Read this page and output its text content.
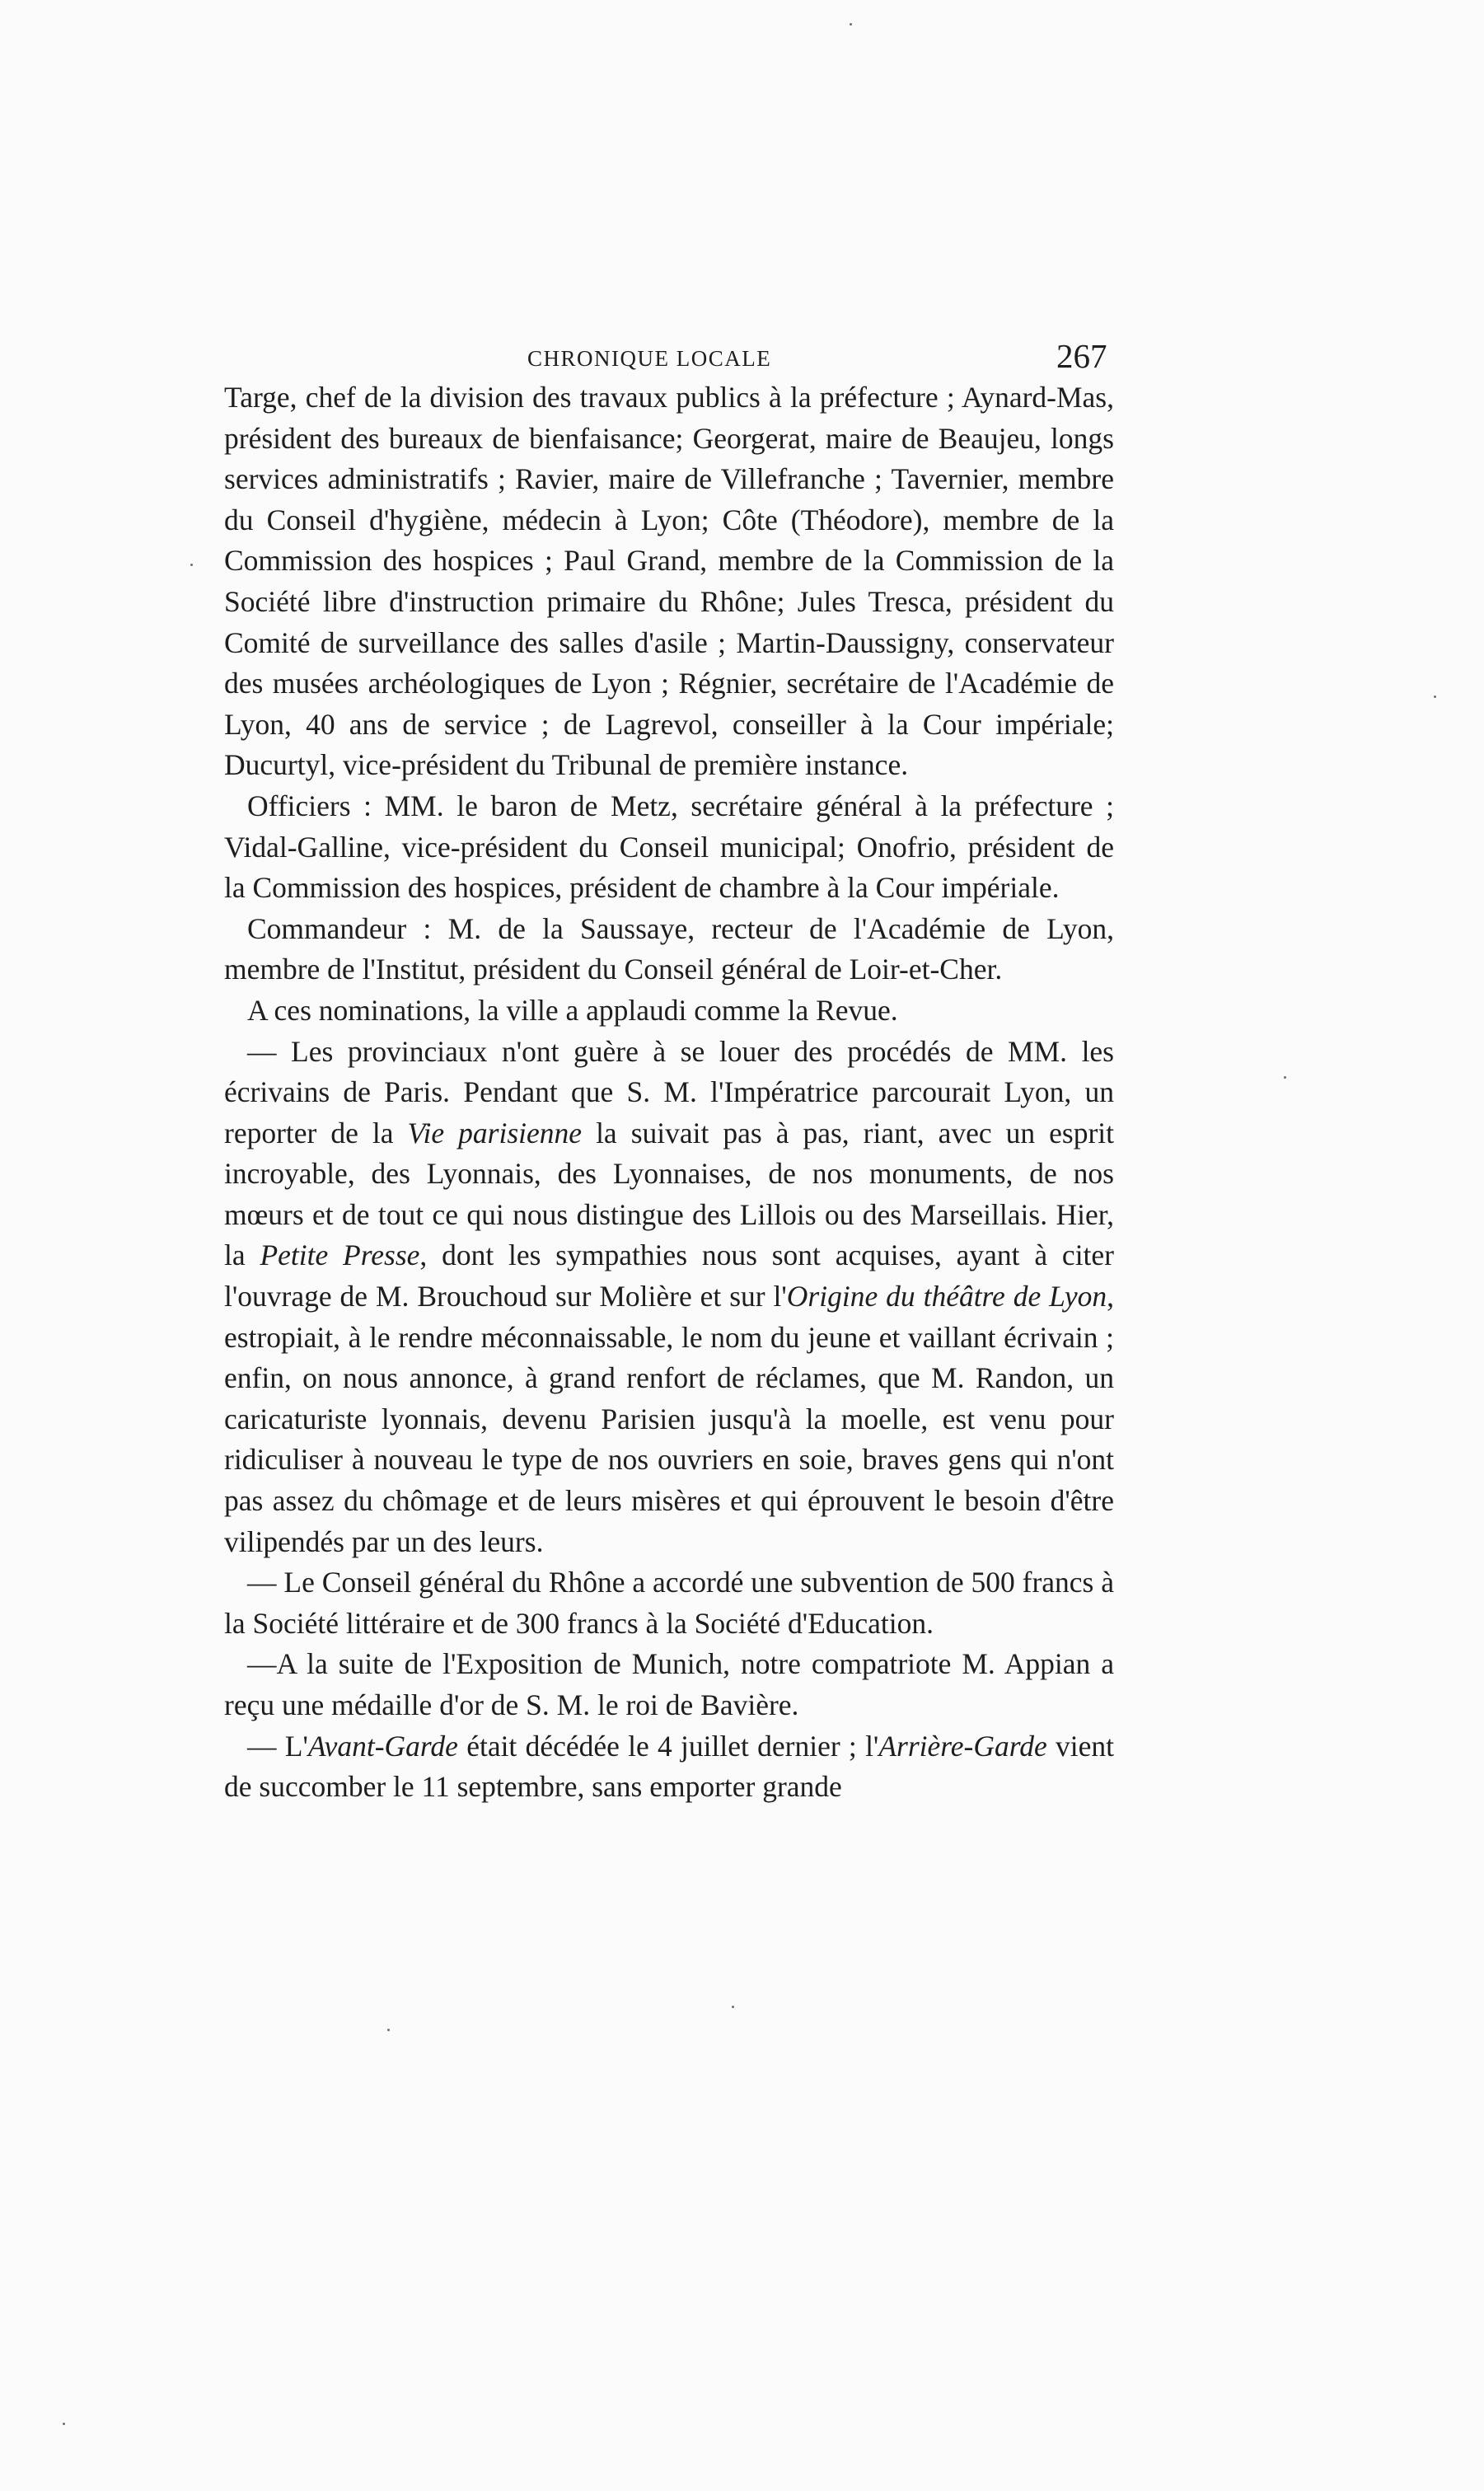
CHRONIQUE LOCALE	267

Targe, chef de la division des travaux publics à la préfecture ; Aynard-Mas, président des bureaux de bienfaisance; Georgerat, maire de Beaujeu, longs services administratifs ; Ravier, maire de Villefranche ; Tavernier, membre du Conseil d'hygiène, médecin à Lyon; Côte (Théodore), membre de la Commission des hospices ; Paul Grand, membre de la Commission de la Société libre d'instruction primaire du Rhône; Jules Tresca, président du Comité de surveillance des salles d'asile ; Martin-Daussigny, conservateur des musées archéologiques de Lyon ; Régnier, secrétaire de l'Académie de Lyon, 40 ans de service ; de Lagrevol, conseiller à la Cour impériale; Ducurtyl, vice-président du Tribunal de première instance.

Officiers : MM. le baron de Metz, secrétaire général à la préfecture ; Vidal-Galline, vice-président du Conseil municipal; Onofrio, président de la Commission des hospices, président de chambre à la Cour impériale.

Commandeur : M. de la Saussaye, recteur de l'Académie de Lyon, membre de l'Institut, président du Conseil général de Loir-et-Cher.

A ces nominations, la ville a applaudi comme la Revue.

— Les provinciaux n'ont guère à se louer des procédés de MM. les écrivains de Paris. Pendant que S. M. l'Impératrice parcourait Lyon, un reporter de la Vie parisienne la suivait pas à pas, riant, avec un esprit incroyable, des Lyonnais, des Lyonnaises, de nos monuments, de nos mœurs et de tout ce qui nous distingue des Lillois ou des Marseillais. Hier, la Petite Presse, dont les sympathies nous sont acquises, ayant à citer l'ouvrage de M. Brouchoud sur Molière et sur l'Origine du théâtre de Lyon, estropiait, à le rendre méconnaissable, le nom du jeune et vaillant écrivain ; enfin, on nous annonce, à grand renfort de réclames, que M. Randon, un caricaturiste lyonnais, devenu Parisien jusqu'à la moelle, est venu pour ridiculiser à nouveau le type de nos ouvriers en soie, braves gens qui n'ont pas assez du chômage et de leurs misères et qui éprouvent le besoin d'être vilipendés par un des leurs.

— Le Conseil général du Rhône a accordé une subvention de 500 francs à la Société littéraire et de 300 francs à la Société d'Education.

—A la suite de l'Exposition de Munich, notre compatriote M. Appian a reçu une médaille d'or de S. M. le roi de Bavière.

— L'Avant-Garde était décédée le 4 juillet dernier ; l'Arrière-Garde vient de succomber le 11 septembre, sans emporter grande
